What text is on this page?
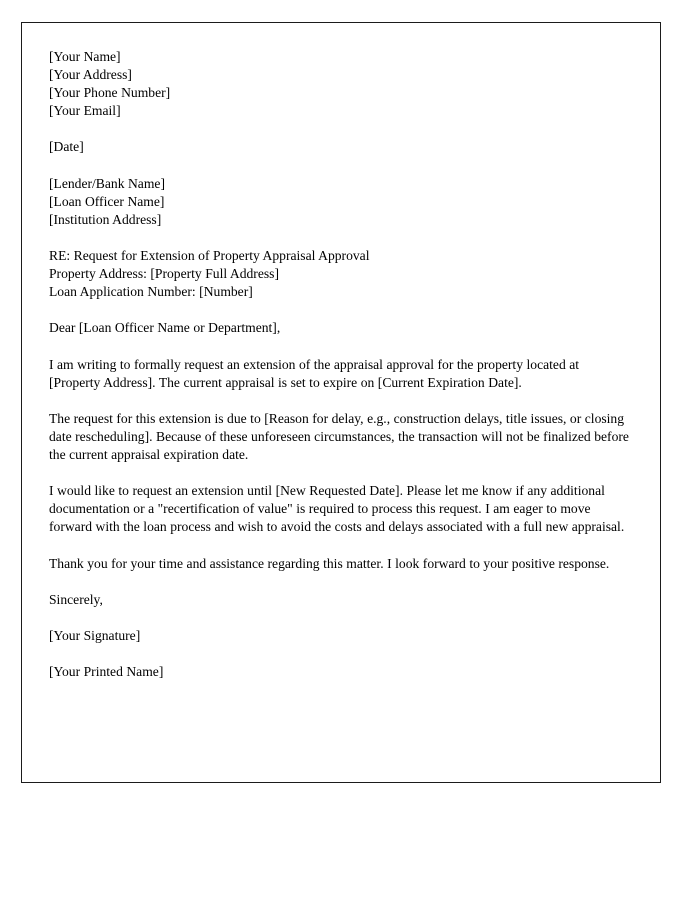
[Your Name]
[Your Address]
[Your Phone Number]
[Your Email]
[Date]
[Lender/Bank Name]
[Loan Officer Name]
[Institution Address]
RE: Request for Extension of Property Appraisal Approval
Property Address: [Property Full Address]
Loan Application Number: [Number]
Dear [Loan Officer Name or Department],
I am writing to formally request an extension of the appraisal approval for the property located at [Property Address]. The current appraisal is set to expire on [Current Expiration Date].
The request for this extension is due to [Reason for delay, e.g., construction delays, title issues, or closing date rescheduling]. Because of these unforeseen circumstances, the transaction will not be finalized before the current appraisal expiration date.
I would like to request an extension until [New Requested Date]. Please let me know if any additional documentation or a "recertification of value" is required to process this request. I am eager to move forward with the loan process and wish to avoid the costs and delays associated with a full new appraisal.
Thank you for your time and assistance regarding this matter. I look forward to your positive response.
Sincerely,
[Your Signature]
[Your Printed Name]
